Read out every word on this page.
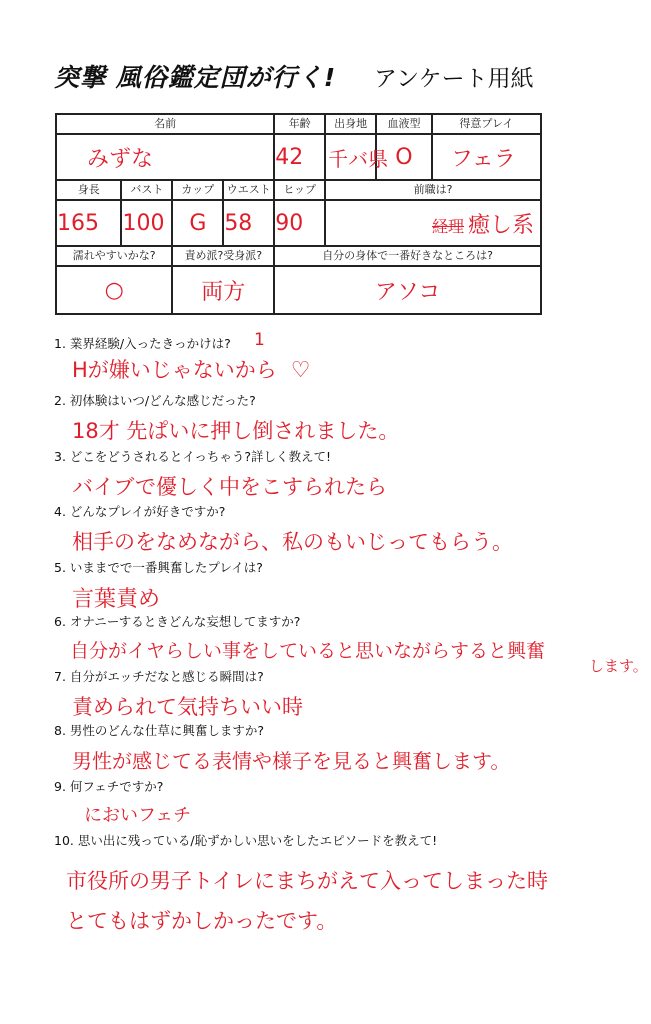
突撃 風俗鑑定団が行く! アンケート用紙
名前				年齢	出身地	血液型	得意プレイ
みずな				42	千バ県	O	フェラ
身長	バスト	カップ	ウエスト	ヒップ	前職は?		
165	100	G	58	90	経理 癒し系		
濡れやすいかな?		責め派?受身派?		自分の身体で一番好きなところは?			
○		両方		アソコ			
1. 業界経験/入ったきっかけは?
Hが嫌いじゃないから ♡
1
2. 初体験はいつ/どんな感じだった?
18才 先ぱいに押し倒されました。
3. どこをどうされるとイっちゃう?詳しく教えて!
バイブで優しく中をこすられたら
4. どんなプレイが好きですか?
相手のをなめながら、私のもいじってもらう。
5. いままでで一番興奮したプレイは?
言葉責め
6. オナニーするときどんな妄想してますか?
自分がイヤらしい事をしていると思いながらすると興奮
します。
7. 自分がエッチだなと感じる瞬間は?
責められて気持ちいい時
8. 男性のどんな仕草に興奮しますか?
男性が感じてる表情や様子を見ると興奮します。
9. 何フェチですか?
においフェチ
10. 思い出に残っている/恥ずかしい思いをしたエピソードを教えて!
市役所の男子トイレにまちがえて入ってしまった時
とてもはずかしかったです。
